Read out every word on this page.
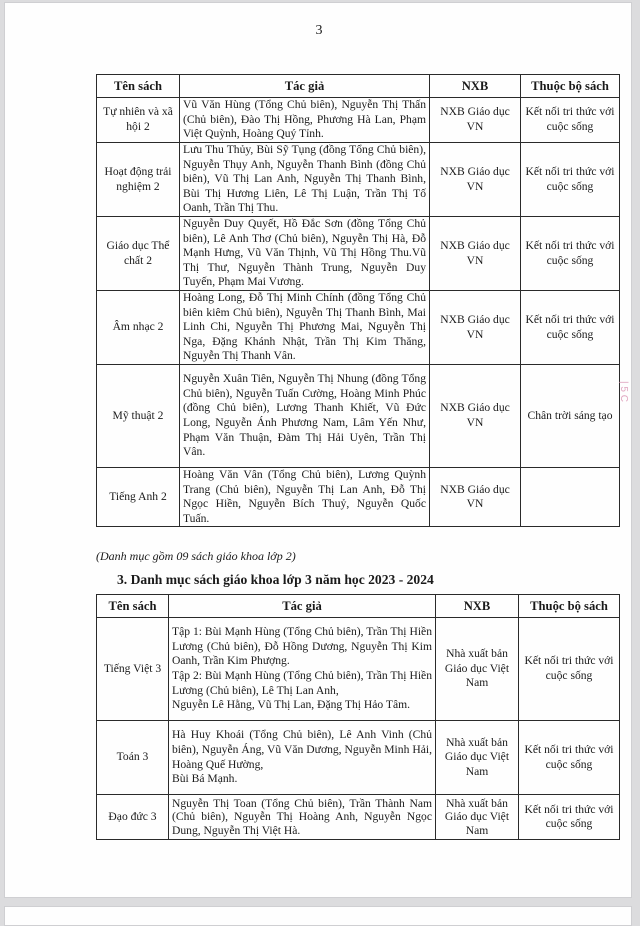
3
Tên sách	Tác giả	NXB	Thuộc bộ sách
Tự nhiên và xã hội 2	Vũ Văn Hùng (Tổng Chủ biên), Nguyễn Thị Thấn (Chủ biên), Đào Thị Hồng, Phương Hà Lan, Phạm Việt Quỳnh, Hoàng Quý Tỉnh.	NXB Giáo dục VN	Kết nối tri thức với cuộc sống
Hoạt động trải nghiệm 2	Lưu Thu Thủy, Bùi Sỹ Tụng (đồng Tổng Chủ biên), Nguyễn Thụy Anh, Nguyễn Thanh Bình (đồng Chủ biên), Vũ Thị Lan Anh, Nguyễn Thị Thanh Bình, Bùi Thị Hương Liên, Lê Thị Luận, Trần Thị Tố Oanh, Trần Thị Thu.	NXB Giáo dục VN	Kết nối tri thức với cuộc sống
Giáo dục Thể chất 2	Nguyễn Duy Quyết, Hồ Đắc Sơn (đồng Tổng Chủ biên), Lê Anh Thơ (Chủ biên), Nguyễn Thị Hà, Đỗ Mạnh Hưng, Vũ Văn Thịnh, Vũ Thị Hồng Thu.Vũ Thị Thư, Nguyễn Thành Trung, Nguyễn Duy Tuyến, Phạm Mai Vương.	NXB Giáo dục VN	Kết nối tri thức với cuộc sống
Âm nhạc 2	Hoàng Long, Đỗ Thị Minh Chính (đồng Tổng Chủ biên kiêm Chủ biên), Nguyễn Thị Thanh Bình, Mai Linh Chi, Nguyễn Thị Phương Mai, Nguyễn Thị Nga, Đặng Khánh Nhật, Trần Thị Kim Thăng, Nguyễn Thị Thanh Vân.	NXB Giáo dục VN	Kết nối tri thức với cuộc sống
Mỹ thuật 2	Nguyễn Xuân Tiên, Nguyễn Thị Nhung (đồng Tổng Chủ biên), Nguyễn Tuấn Cường, Hoàng Minh Phúc (đồng Chủ biên), Lương Thanh Khiết, Vũ Đức Long, Nguyễn Ánh Phương Nam, Lâm Yến Như, Phạm Văn Thuận, Đàm Thị Hải Uyên, Trần Thị Vân.	NXB Giáo dục VN	Chân trời sáng tạo
Tiếng Anh 2	Hoàng Văn Vân (Tổng Chủ biên), Lương Quỳnh Trang (Chủ biên), Nguyễn Thị Lan Anh, Đỗ Thị Ngọc Hiền, Nguyễn Bích Thuỷ, Nguyễn Quốc Tuấn.	NXB Giáo dục VN	
(Danh mục gồm 09 sách giáo khoa lớp 2)
3. Danh mục sách giáo khoa lớp 3 năm học 2023 - 2024
Tên sách	Tác giả	NXB	Thuộc bộ sách
Tiếng Việt 3	Tập 1: Bùi Mạnh Hùng (Tổng Chủ biên), Trần Thị Hiền Lương (Chủ biên), Đỗ Hồng Dương, Nguyễn Thị Kim Oanh, Trần Kim Phượng.
Tập 2: Bùi Mạnh Hùng (Tổng Chủ biên), Trần Thị Hiền Lương (Chủ biên), Lê Thị Lan Anh,
Nguyễn Lê Hằng, Vũ Thị Lan, Đặng Thị Hảo Tâm.	Nhà xuất bản Giáo dục Việt Nam	Kết nối tri thức với cuộc sống
Toán 3	Hà Huy Khoái (Tổng Chủ biên), Lê Anh Vinh (Chủ biên), Nguyễn Áng, Vũ Văn Dương, Nguyễn Minh Hải, Hoàng Quế Hường,
Bùi Bá Mạnh.	Nhà xuất bản Giáo dục Việt Nam	Kết nối tri thức với cuộc sống
Đạo đức 3	Nguyễn Thị Toan (Tổng Chủ biên), Trần Thành Nam (Chủ biên), Nguyễn Thị Hoàng Anh, Nguyễn Ngọc Dung, Nguyễn Thị Việt Hà.	Nhà xuất bản Giáo dục Việt Nam	Kết nối tri thức với cuộc sống
| 5 C
